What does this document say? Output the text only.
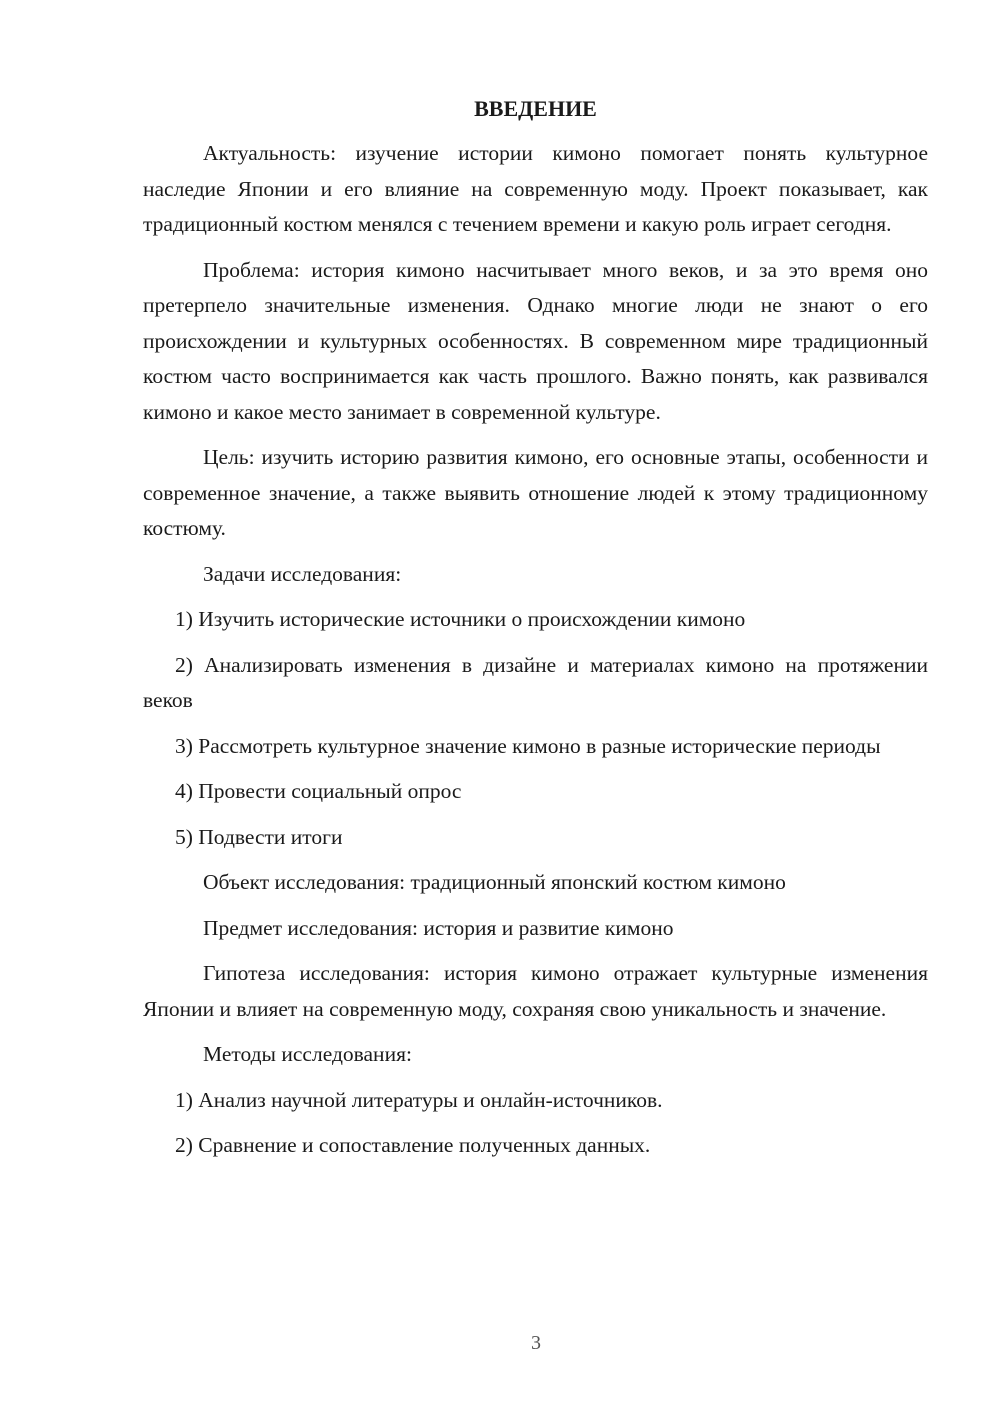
ВВЕДЕНИЕ

Актуальность: изучение истории кимоно помогает понять культурное наследие Японии и его влияние на современную моду. Проект показывает, как традиционный костюм менялся с течением времени и какую роль играет сегодня.

Проблема: история кимоно насчитывает много веков, и за это время оно претерпело значительные изменения. Однако многие люди не знают о его происхождении и культурных особенностях. В современном мире традиционный костюм часто воспринимается как часть прошлого. Важно понять, как развивался кимоно и какое место занимает в современной культуре.

Цель: изучить историю развития кимоно, его основные этапы, особенности и современное значение, а также выявить отношение людей к этому традиционному костюму.

Задачи исследования:

1) Изучить исторические источники о происхождении кимоно

2) Анализировать изменения в дизайне и материалах кимоно на протяжении веков

3) Рассмотреть культурное значение кимоно в разные исторические периоды

4) Провести социальный опрос

5) Подвести итоги

Объект исследования: традиционный японский костюм кимоно

Предмет исследования: история и развитие кимоно

Гипотеза исследования: история кимоно отражает культурные изменения Японии и влияет на современную моду, сохраняя свою уникальность и значение.

Методы исследования:

1) Анализ научной литературы и онлайн-источников.

2) Сравнение и сопоставление полученных данных.

3
